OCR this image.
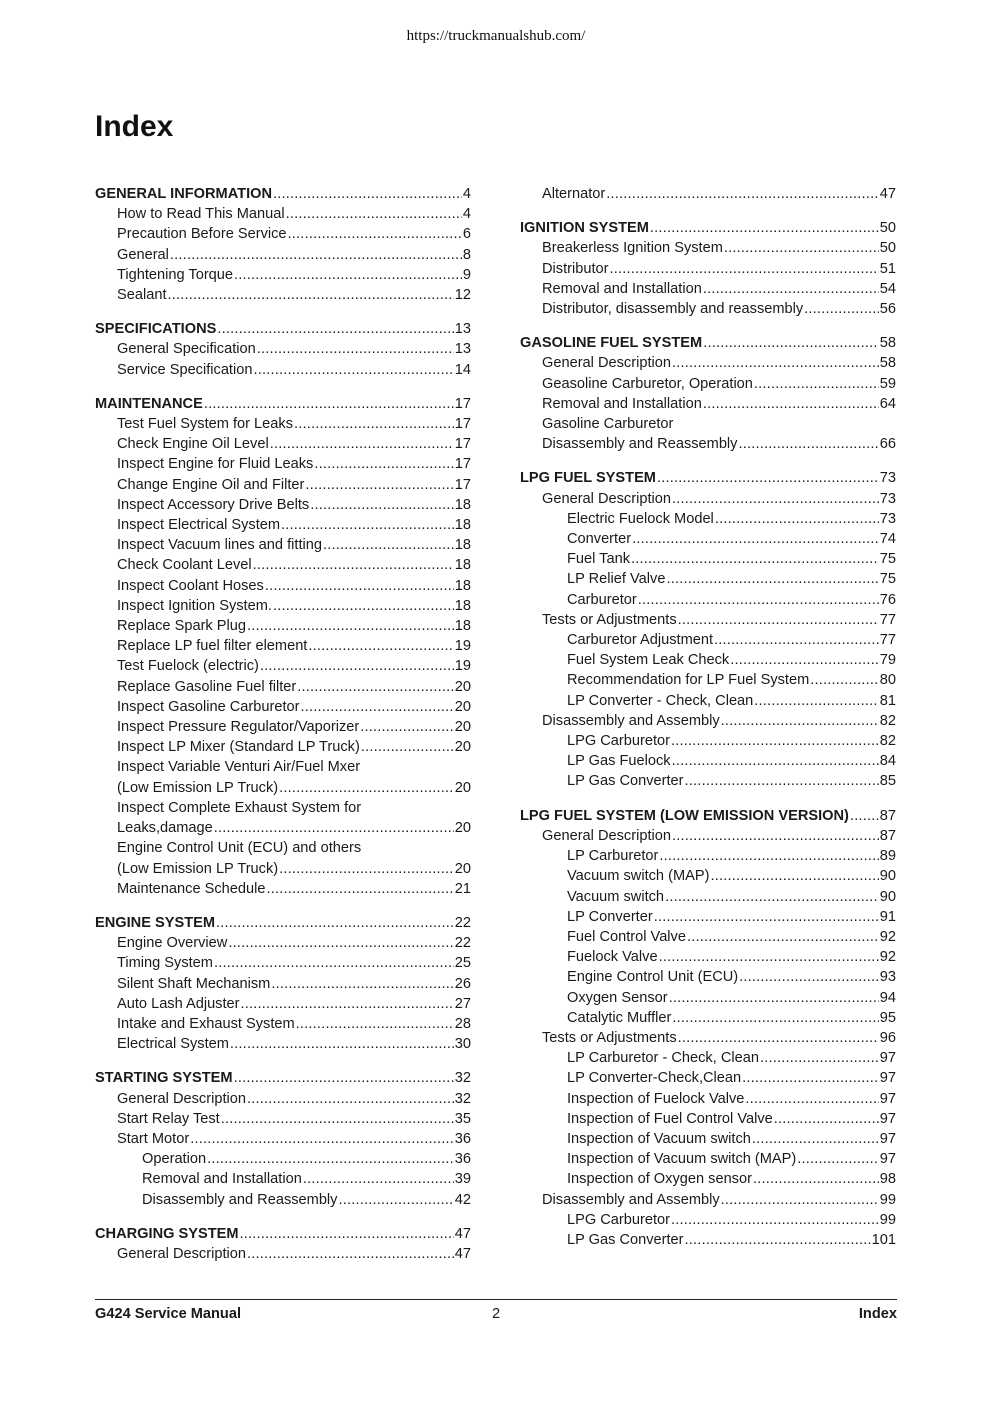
https://truckmanualshub.com/
Index
GENERAL INFORMATION .....	4
How to Read This Manual .....	4
Precaution Before Service .....	6
General .....	8
Tightening Torque .....	9
Sealant .....	12
SPECIFICATIONS .....	13
General Specification .....	13
Service Specification .....	14
MAINTENANCE .....	17
Test Fuel System for Leaks .....	17
Check Engine Oil Level .....	17
Inspect Engine for Fluid Leaks .....	17
Change Engine Oil and Filter .....	17
Inspect Accessory Drive Belts .....	18
Inspect Electrical System .....	18
Inspect Vacuum lines and fitting .....	18
Check Coolant Level .....	18
Inspect Coolant Hoses .....	18
Inspect Ignition System. .....	18
Replace Spark Plug .....	18
Replace LP fuel filter element .....	19
Test Fuelock (electric) .....	19
Replace Gasoline Fuel filter .....	20
Inspect Gasoline Carburetor .....	20
Inspect Pressure Regulator/Vaporizer .....	20
Inspect LP Mixer (Standard LP Truck) .....	20
Inspect Variable Venturi Air/Fuel Mxer
(Low Emission LP Truck) .....	20
Inspect Complete Exhaust System for
Leaks,damage .....	20
Engine Control Unit (ECU) and others
(Low Emission LP Truck) .....	20
Maintenance Schedule .....	21
ENGINE SYSTEM .....	22
Engine Overview .....	22
Timing System .....	25
Silent Shaft Mechanism .....	26
Auto Lash Adjuster .....	27
Intake and Exhaust System .....	28
Electrical System .....	30
STARTING SYSTEM .....	32
General Description .....	32
Start Relay Test .....	35
Start Motor .....	36
Operation .....	36
Removal and Installation .....	39
Disassembly and Reassembly .....	42
CHARGING SYSTEM .....	47
General Description .....	47
Alternator .....	47
IGNITION SYSTEM .....	50
Breakerless Ignition System .....	50
Distributor .....	51
Removal and Installation .....	54
Distributor, disassembly and reassembly .....	56
GASOLINE FUEL SYSTEM .....	58
General Description .....	58
Geasoline Carburetor, Operation .....	59
Removal and Installation .....	64
Gasoline Carburetor
Disassembly and Reassembly .....	66
LPG FUEL SYSTEM .....	73
General Description .....	73
Electric Fuelock Model .....	73
Converter .....	74
Fuel Tank .....	75
LP Relief Valve .....	75
Carburetor .....	76
Tests or Adjustments .....	77
Carburetor Adjustment .....	77
Fuel System Leak Check .....	79
Recommendation for LP Fuel System .....	80
LP Converter - Check, Clean .....	81
Disassembly and Assembly .....	82
LPG Carburetor .....	82
LP Gas Fuelock .....	84
LP Gas Converter .....	85
LPG FUEL SYSTEM (LOW EMISSION VERSION) ..... 87
General Description .....	87
LP Carburetor .....	89
Vacuum switch (MAP) .....	90
Vacuum switch .....	90
LP Converter .....	91
Fuel Control Valve .....	92
Fuelock Valve .....	92
Engine Control Unit (ECU) .....	93
Oxygen Sensor .....	94
Catalytic Muffler .....	95
Tests or Adjustments .....	96
LP Carburetor - Check, Clean .....	97
LP Converter-Check,Clean .....	97
Inspection of Fuelock Valve .....	97
Inspection of Fuel Control Valve .....	97
Inspection of Vacuum switch .....	97
Inspection of Vacuum switch (MAP) .....	97
Inspection of Oxygen sensor .....	98
Disassembly and Assembly .....	99
LPG Carburetor .....	99
LP Gas Converter .....	101
G424 Service Manual	2	Index
